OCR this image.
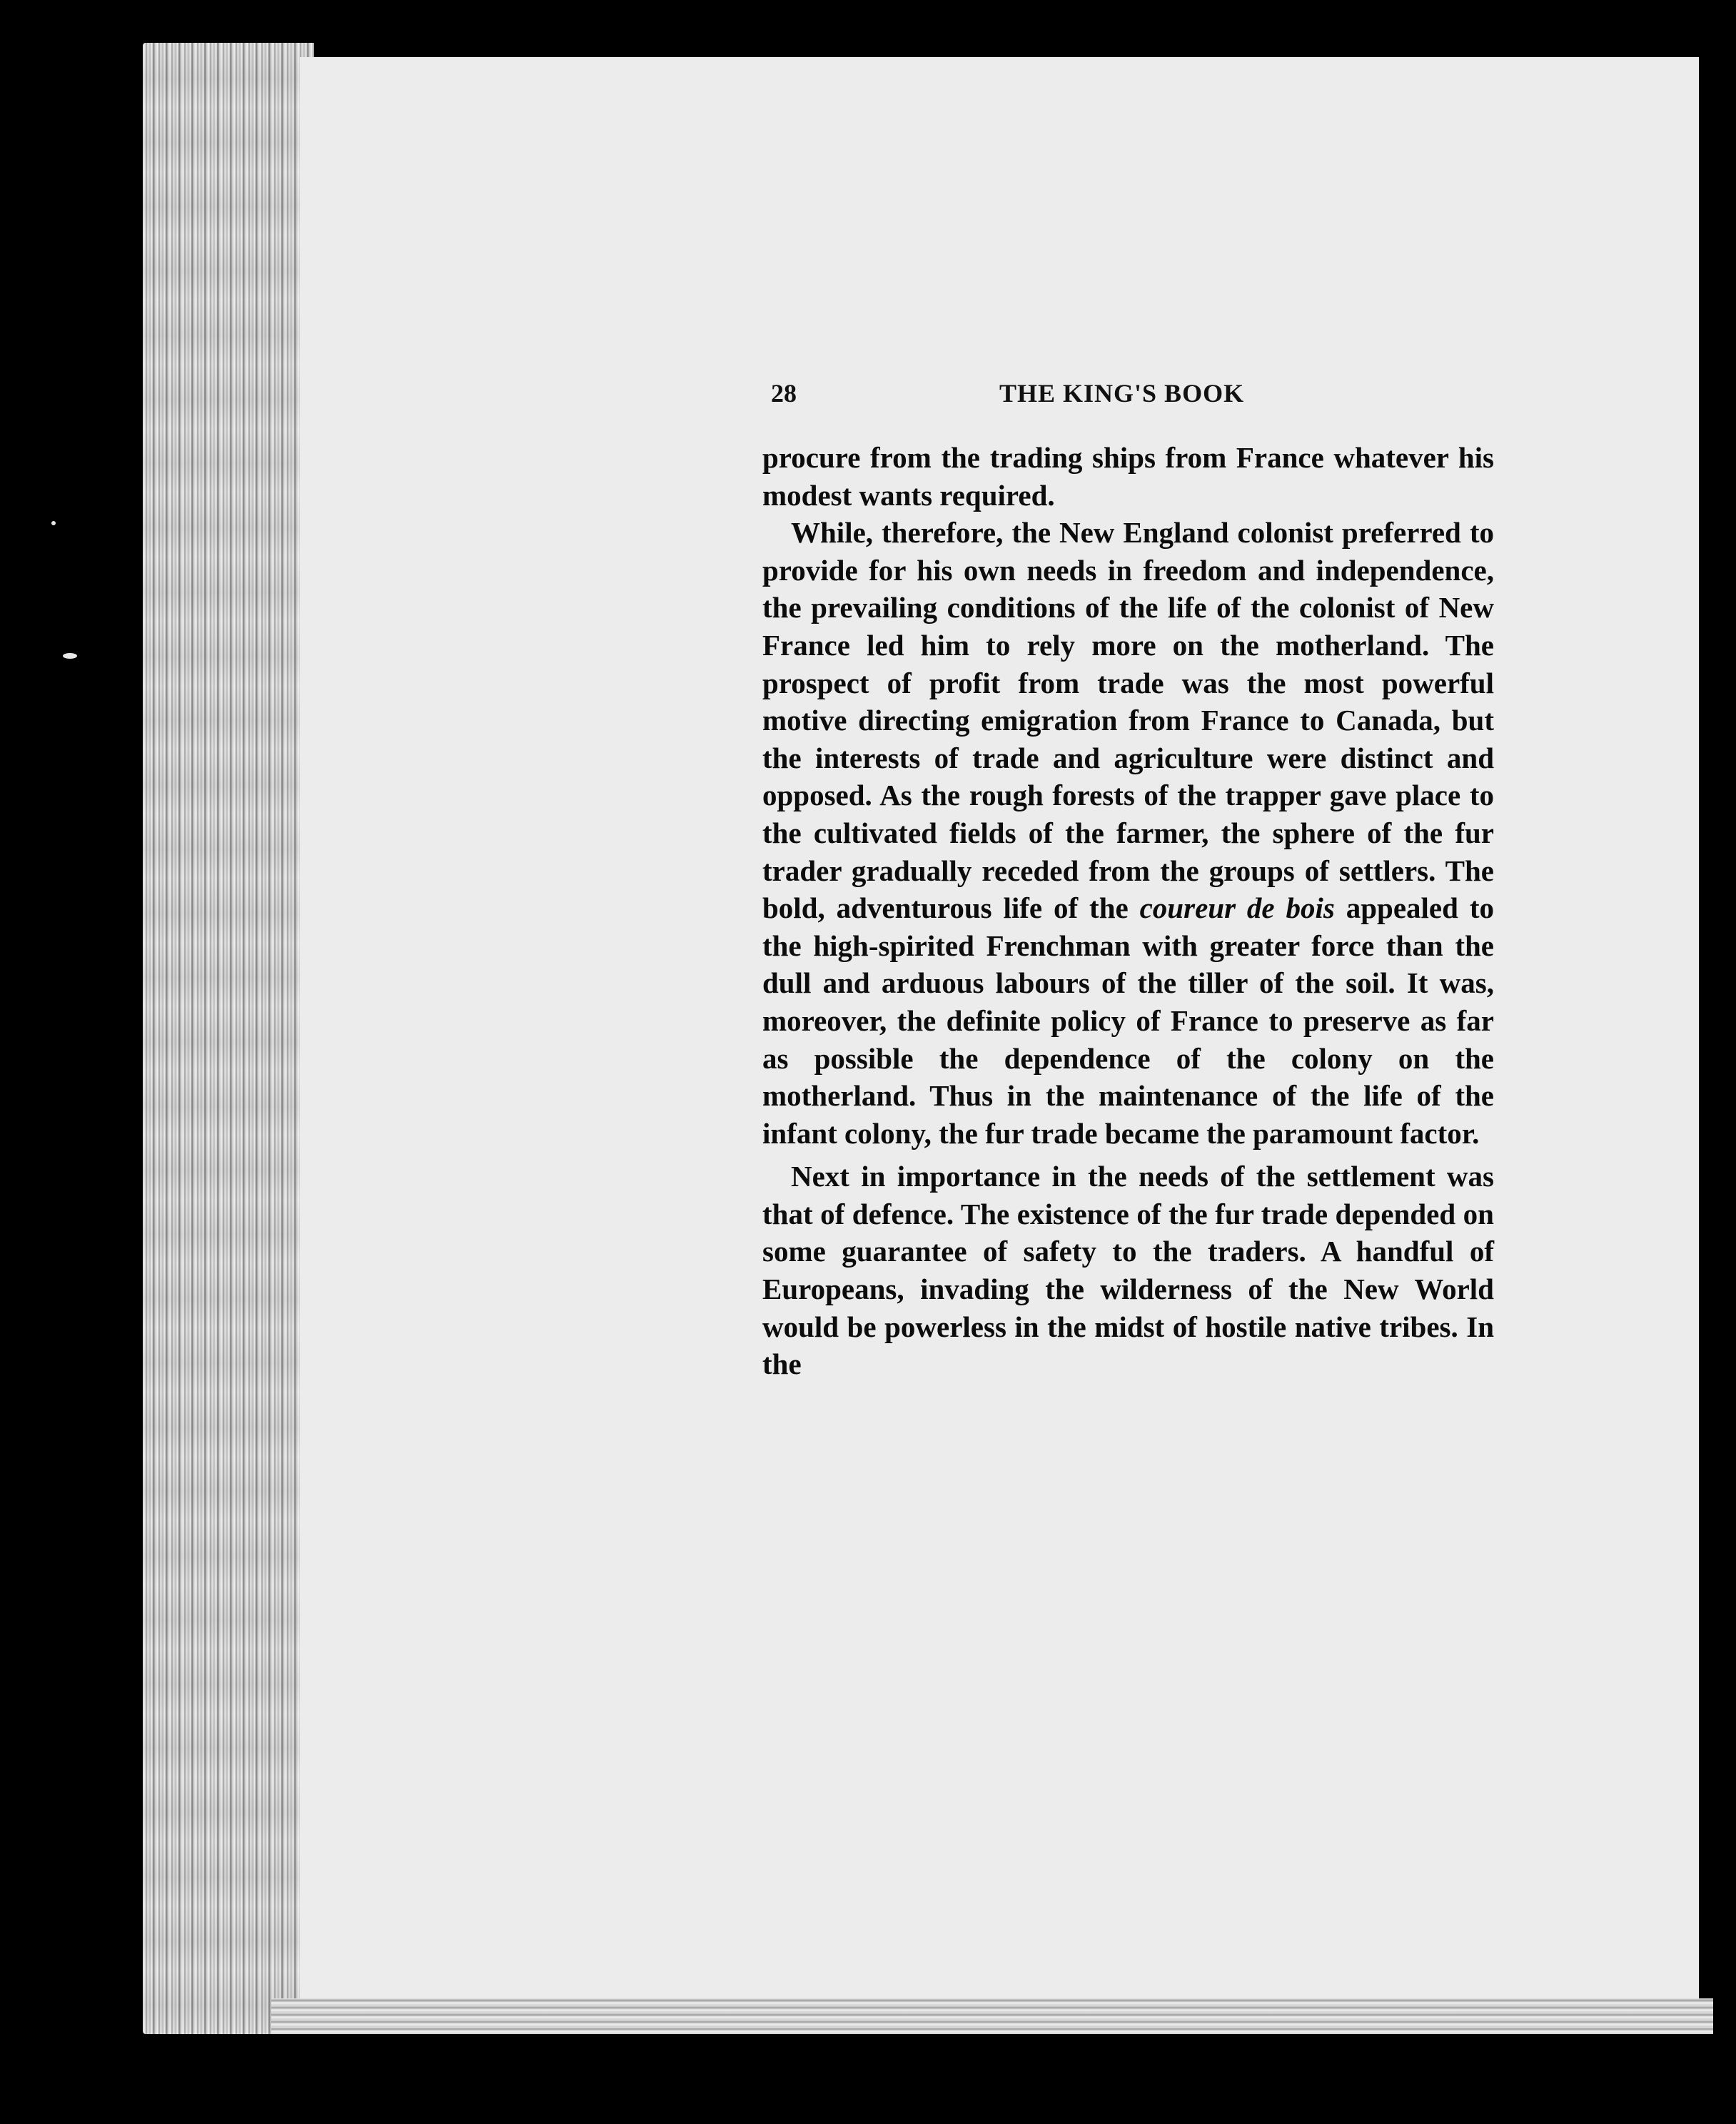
28	THE KING'S BOOK

procure from the trading ships from France whatever his modest wants required.

While, therefore, the New England colonist preferred to provide for his own needs in freedom and independence, the prevailing conditions of the life of the colonist of New France led him to rely more on the motherland. The prospect of profit from trade was the most powerful motive directing emigration from France to Canada, but the interests of trade and agriculture were distinct and opposed. As the rough forests of the trapper gave place to the cultivated fields of the farmer, the sphere of the fur trader gradually receded from the groups of settlers. The bold, adventurous life of the coureur de bois appealed to the high-spirited Frenchman with greater force than the dull and arduous labours of the tiller of the soil. It was, moreover, the definite policy of France to preserve as far as possible the dependence of the colony on the motherland. Thus in the maintenance of the life of the infant colony, the fur trade became the paramount factor.

Next in importance in the needs of the settlement was that of defence. The existence of the fur trade depended on some guarantee of safety to the traders. A handful of Europeans, invading the wilderness of the New World would be powerless in the midst of hostile native tribes. In the
